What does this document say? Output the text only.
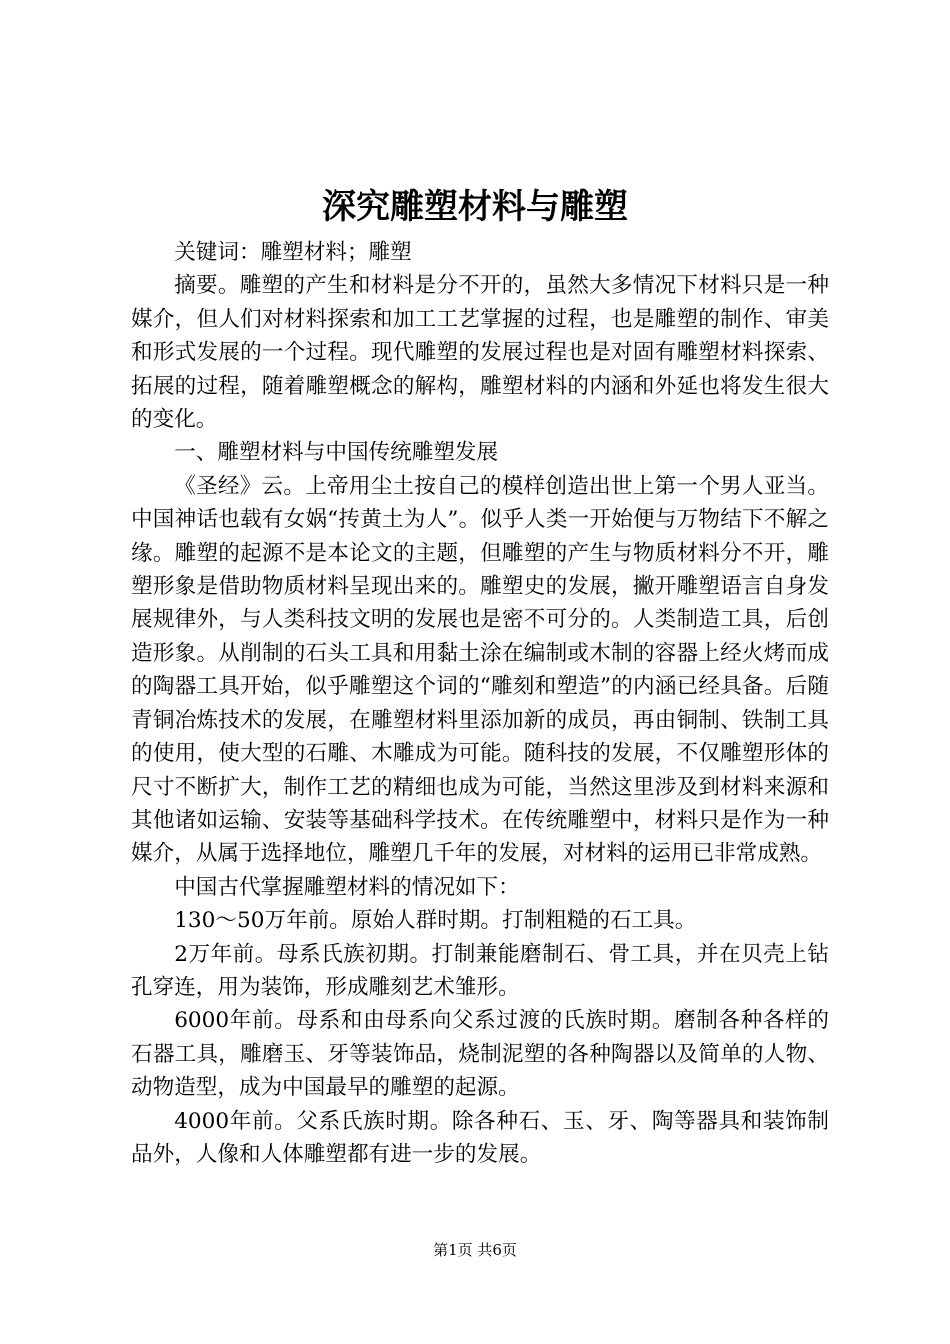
深究雕塑材料与雕塑

关键词：雕塑材料；雕塑

摘要。雕塑的产生和材料是分不开的，虽然大多情况下材料只是一种媒介，但人们对材料探索和加工工艺掌握的过程，也是雕塑的制作、审美和形式发展的一个过程。现代雕塑的发展过程也是对固有雕塑材料探索、拓展的过程，随着雕塑概念的解构，雕塑材料的内涵和外延也将发生很大的变化。

一、雕塑材料与中国传统雕塑发展

《圣经》云。上帝用尘土按自己的模样创造出世上第一个男人亚当。中国神话也载有女娲“抟黄土为人”。似乎人类一开始便与万物结下不解之缘。雕塑的起源不是本论文的主题，但雕塑的产生与物质材料分不开，雕塑形象是借助物质材料呈现出来的。雕塑史的发展，撇开雕塑语言自身发展规律外，与人类科技文明的发展也是密不可分的。人类制造工具，后创造形象。从削制的石头工具和用黏土涂在编制或木制的容器上经火烤而成的陶器工具开始，似乎雕塑这个词的“雕刻和塑造”的内涵已经具备。后随青铜冶炼技术的发展，在雕塑材料里添加新的成员，再由铜制、铁制工具的使用，使大型的石雕、木雕成为可能。随科技的发展，不仅雕塑形体的尺寸不断扩大，制作工艺的精细也成为可能，当然这里涉及到材料来源和其他诸如运输、安装等基础科学技术。在传统雕塑中，材料只是作为一种媒介，从属于选择地位，雕塑几千年的发展，对材料的运用已非常成熟。

中国古代掌握雕塑材料的情况如下：

130～50万年前。原始人群时期。打制粗糙的石工具。

2万年前。母系氏族初期。打制兼能磨制石、骨工具，并在贝壳上钻孔穿连，用为装饰，形成雕刻艺术雏形。

6000年前。母系和由母系向父系过渡的氏族时期。磨制各种各样的石器工具，雕磨玉、牙等装饰品，烧制泥塑的各种陶器以及简单的人物、动物造型，成为中国最早的雕塑的起源。

4000年前。父系氏族时期。除各种石、玉、牙、陶等器具和装饰制品外，人像和人体雕塑都有进一步的发展。

第1页 共6页
